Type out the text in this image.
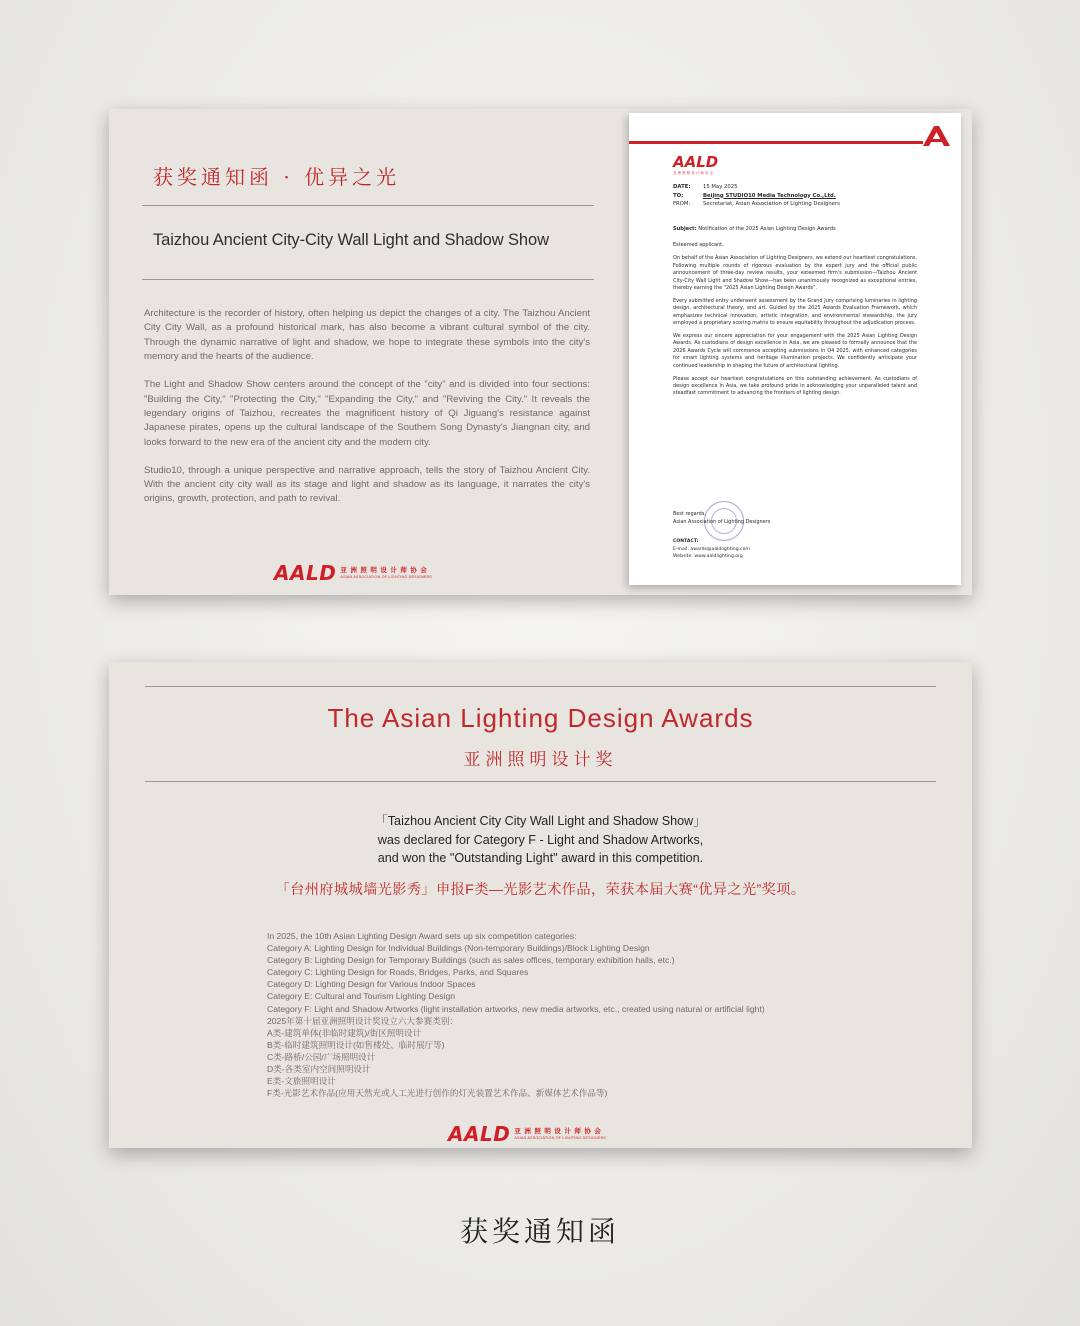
获奖通知函 · 优异之光
Taizhou Ancient City-City Wall Light and Shadow Show

Architecture is the recorder of history, often helping us depict the changes of a city. The Taizhou Ancient City City Wall, as a profound historical mark, has also become a vibrant cultural symbol of the city. Through the dynamic narrative of light and shadow, we hope to integrate these symbols into the city's memory and the hearts of the audience.

The Light and Shadow Show centers around the concept of the "city" and is divided into four sections: "Building the City," "Protecting the City," "Expanding the City," and "Reviving the City." It reveals the legendary origins of Taizhou, recreates the magnificent history of Qi Jiguang's resistance against Japanese pirates, opens up the cultural landscape of the Southern Song Dynasty's Jiangnan city, and looks forward to the new era of the ancient city and the modern city.

Studio10, through a unique perspective and narrative approach, tells the story of Taizhou Ancient City. With the ancient city city wall as its stage and light and shadow as its language, it narrates the city's origins, growth, protection, and path to revival.

AALD 亚洲照明设计师协会
ASIAN ASSOCIATION OF LIGHTING DESIGNERS
AALD
亚洲照明设计师协会
DATE:	15 May 2025
TO:	Beijing STUDIO10 Media Technology Co.,Ltd.
FROM:	Secretariat, Asian Association of Lighting Designers

Subject: Notification of the 2025 Asian Lighting Design Awards

Esteemed applicant,

On behalf of the Asian Association of Lighting Designers, we extend our heartiest congratulations. Following multiple rounds of rigorous evaluation by the expert jury and the official public announcement of three-day review results, your esteemed firm's submission—Taizhou Ancient City-City Wall Light and Shadow Show—has been unanimously recognized as exceptional entries, thereby earning the "2025 Asian Lighting Design Awards".

Every submitted entry underwent assessment by the Grand Jury comprising luminaries in lighting design, architectural theory, and art. Guided by the 2025 Awards Evaluation Framework, which emphasizes technical innovation, artistic integration, and environmental stewardship, the jury employed a proprietary scoring matrix to ensure equitability throughout the adjudication process.

We express our sincere appreciation for your engagement with the 2025 Asian Lighting Design Awards. As custodians of design excellence in Asia, we are pleased to formally announce that the 2026 Awards Cycle will commence accepting submissions in Q4 2025, with enhanced categories for smart lighting systems and heritage illumination projects. We confidently anticipate your continued leadership in shaping the future of architectural lighting.

Please accept our heartiest congratulations on this outstanding achievement. As custodians of design excellence in Asia, we take profound pride in acknowledging your unparalleled talent and steadfast commitment to advancing the frontiers of lighting design.

Best regards,
Asian Association of Lighting Designers
CONTACT:
E-mail: awards@aaldlighting.com
Website: www.aaldlighting.org
The Asian Lighting Design Awards
亚洲照明设计奖
「Taizhou Ancient City City Wall Light and Shadow Show」
was declared for Category F - Light and Shadow Artworks,
and won the "Outstanding Light" award in this competition.
「台州府城城墙光影秀」申报F类—光影艺术作品，荣获本届大赛“优异之光”奖项。
In 2025, the 10th Asian Lighting Design Award sets up six competition categories:
Category A: Lighting Design for Individual Buildings (Non-temporary Buildings)/Block Lighting Design
Category B: Lighting Design for Temporary Buildings (such as sales offices, temporary exhibition halls, etc.)
Category C: Lighting Design for Roads, Bridges, Parks, and Squares
Category D: Lighting Design for Various Indoor Spaces
Category E: Cultural and Tourism Lighting Design
Category F: Light and Shadow Artworks (light installation artworks, new media artworks, etc., created using natural or artificial light)
2025年第十届亚洲照明设计奖设立六大参赛类别：
A类-建筑单体(非临时建筑)/街区照明设计
B类-临时建筑照明设计(如售楼处、临时展厅等)
C类-路桥/公园/广场照明设计
D类-各类室内空间照明设计
E类-文旅照明设计
F类-光影艺术作品(应用天然光或人工光进行创作的灯光装置艺术作品、新媒体艺术作品等)
AALD 亚洲照明设计师协会
ASIAN ASSOCIATION OF LIGHTING DESIGNERS
获奖通知函
